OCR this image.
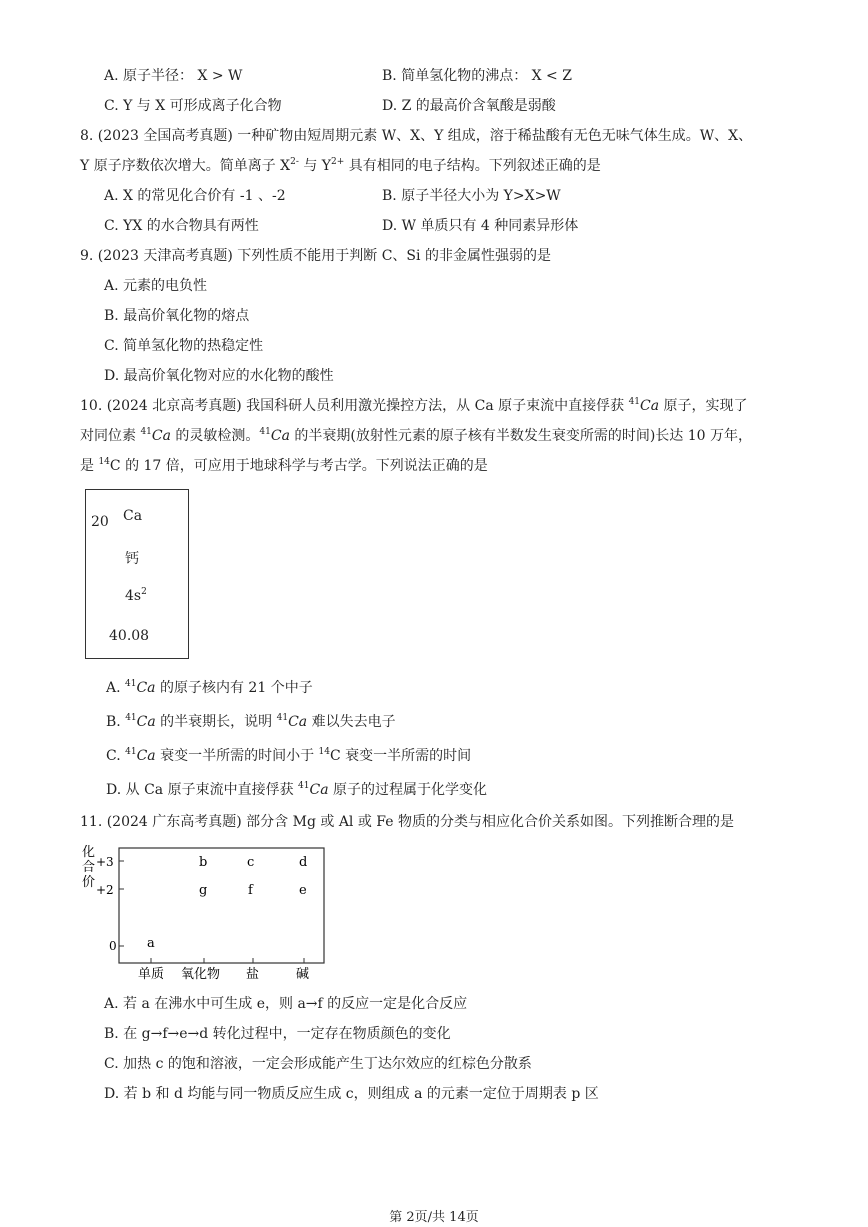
A. 原子半径： X > W	B. 简单氢化物的沸点： X < Z
C. Y 与 X 可形成离子化合物	D. Z 的最高价含氧酸是弱酸
8. (2023 全国高考真题) 一种矿物由短周期元素 W、X、Y 组成，溶于稀盐酸有无色无味气体生成。W、X、
Y 原子序数依次增大。简单离子 $X^{2-}$ 与 $Y^{2+}$ 具有相同的电子结构。下列叙述正确的是
A. X 的常见化合价有 -1 、-2	B. 原子半径大小为 Y>X>W
C. YX 的水合物具有两性	D. W 单质只有 4 种同素异形体
9. (2023 天津高考真题) 下列性质不能用于判断 C、Si 的非金属性强弱的是
A. 元素的电负性
B. 最高价氧化物的熔点
C. 简单氢化物的热稳定性
D. 最高价氧化物对应的水化物的酸性
10. (2024 北京高考真题) 我国科研人员利用激光操控方法，从 Ca 原子束流中直接俘获 $^{41}$Ca 原子，实现了
对同位素 $^{41}$Ca 的灵敏检测。$^{41}$Ca 的半衰期(放射性元素的原子核有半数发生衰变所需的时间)长达 10 万年，
是 $^{14}$C 的 17 倍，可应用于地球科学与考古学。下列说法正确的是
20 Ca
钙
$4s^2$
40.08
A. $^{41}$Ca 的原子核内有 21 个中子
B. $^{41}$Ca 的半衰期长，说明 $^{41}$Ca 难以失去电子
C. $^{41}$Ca 衰变一半所需的时间小于 $^{14}$C 衰变一半所需的时间
D. 从 Ca 原子束流中直接俘获 $^{41}$Ca 原子的过程属于化学变化
11. (2024 广东高考真题) 部分含 Mg 或 Al 或 Fe 物质的分类与相应化合价关系如图。下列推断合理的是
化合价
+3
+2
0
单质 氧化物 盐	碱
a
b	c	d
g	f	e
A. 若 a 在沸水中可生成 e，则 a→f 的反应一定是化合反应
B. 在 g→f→e→d 转化过程中，一定存在物质颜色的变化
C. 加热 c 的饱和溶液，一定会形成能产生丁达尔效应的红棕色分散系
D. 若 b 和 d 均能与同一物质反应生成 c，则组成 a 的元素一定位于周期表 p 区
第 2页/共 14页
